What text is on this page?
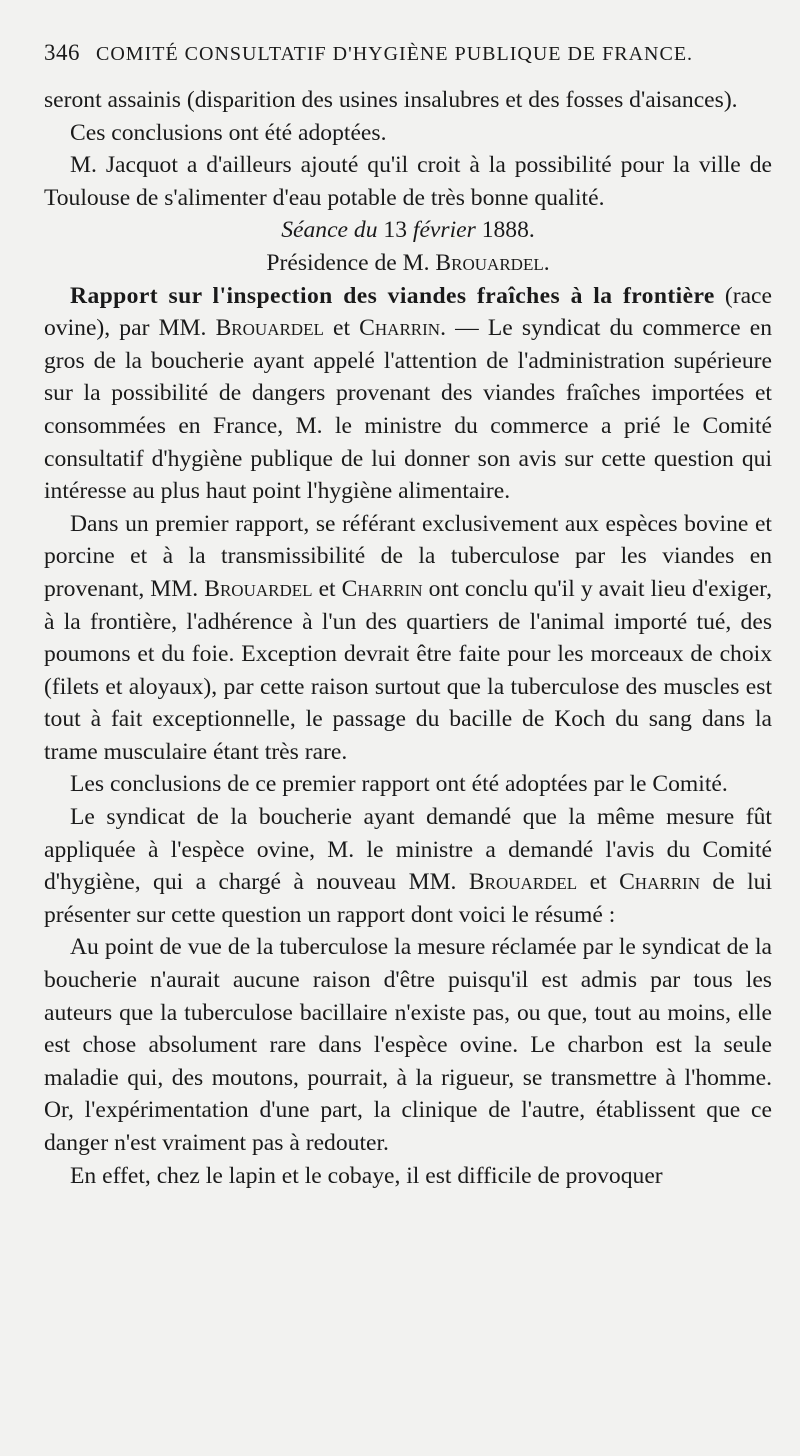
346 COMITÉ CONSULTATIF D'HYGIÈNE PUBLIQUE DE FRANCE.

seront assainis (disparition des usines insalubres et des fosses d'aisances).

Ces conclusions ont été adoptées.

M. Jacquot a d'ailleurs ajouté qu'il croit à la possibilité pour la ville de Toulouse de s'alimenter d'eau potable de très bonne qualité.

Séance du 13 février 1888.

Présidence de M. Brouardel.

Rapport sur l'inspection des viandes fraîches à la frontière (race ovine), par MM. Brouardel et Charrin. — Le syndicat du commerce en gros de la boucherie ayant appelé l'attention de l'administration supérieure sur la possibilité de dangers provenant des viandes fraîches importées et consommées en France, M. le ministre du commerce a prié le Comité consultatif d'hygiène publique de lui donner son avis sur cette question qui intéresse au plus haut point l'hygiène alimentaire.

Dans un premier rapport, se référant exclusivement aux espèces bovine et porcine et à la transmissibilité de la tuberculose par les viandes en provenant, MM. Brouardel et Charrin ont conclu qu'il y avait lieu d'exiger, à la frontière, l'adhérence à l'un des quartiers de l'animal importé tué, des poumons et du foie. Exception devrait être faite pour les morceaux de choix (filets et aloyaux), par cette raison surtout que la tuberculose des muscles est tout à fait exceptionnelle, le passage du bacille de Koch du sang dans la trame musculaire étant très rare.

Les conclusions de ce premier rapport ont été adoptées par le Comité.

Le syndicat de la boucherie ayant demandé que la même mesure fût appliquée à l'espèce ovine, M. le ministre a demandé l'avis du Comité d'hygiène, qui a chargé à nouveau MM. Brouardel et Charrin de lui présenter sur cette question un rapport dont voici le résumé :

Au point de vue de la tuberculose la mesure réclamée par le syndicat de la boucherie n'aurait aucune raison d'être puisqu'il est admis par tous les auteurs que la tuberculose bacillaire n'existe pas, ou que, tout au moins, elle est chose absolument rare dans l'espèce ovine. Le charbon est la seule maladie qui, des moutons, pourrait, à la rigueur, se transmettre à l'homme. Or, l'expérimentation d'une part, la clinique de l'autre, établissent que ce danger n'est vraiment pas à redouter.

En effet, chez le lapin et le cobaye, il est difficile de provoquer
